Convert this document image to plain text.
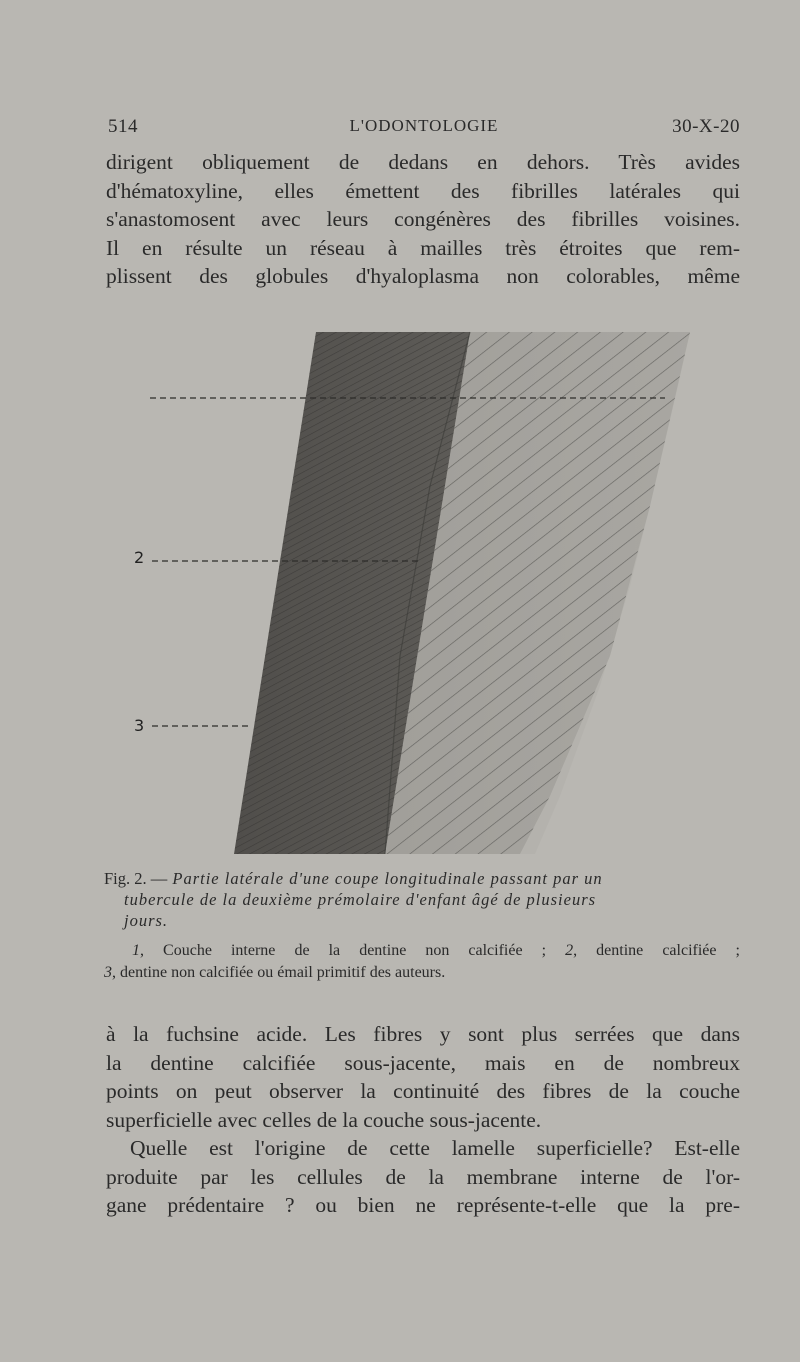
514	L'ODONTOLOGIE	30-X-20
dirigent obliquement de dedans en dehors. Très avides
d'hématoxyline, elles émettent des fibrilles latérales qui
s'anastomosent avec leurs congénères des fibrilles voisines.
Il en résulte un réseau à mailles très étroites que rem-
plissent des globules d'hyaloplasma non colorables, même
2
3
Fig. 2. — Partie latérale d'une coupe longitudinale passant par un
tubercule de la deuxième prémolaire d'enfant âgé de plusieurs
jours.
1, Couche interne de la dentine non calcifiée ; 2, dentine calcifiée ;
3, dentine non calcifiée ou émail primitif des auteurs.
à la fuchsine acide. Les fibres y sont plus serrées que dans
la dentine calcifiée sous-jacente, mais en de nombreux
points on peut observer la continuité des fibres de la couche
superficielle avec celles de la couche sous-jacente.
Quelle est l'origine de cette lamelle superficielle? Est-elle
produite par les cellules de la membrane interne de l'or-
gane prédentaire ? ou bien ne représente-t-elle que la pre-
